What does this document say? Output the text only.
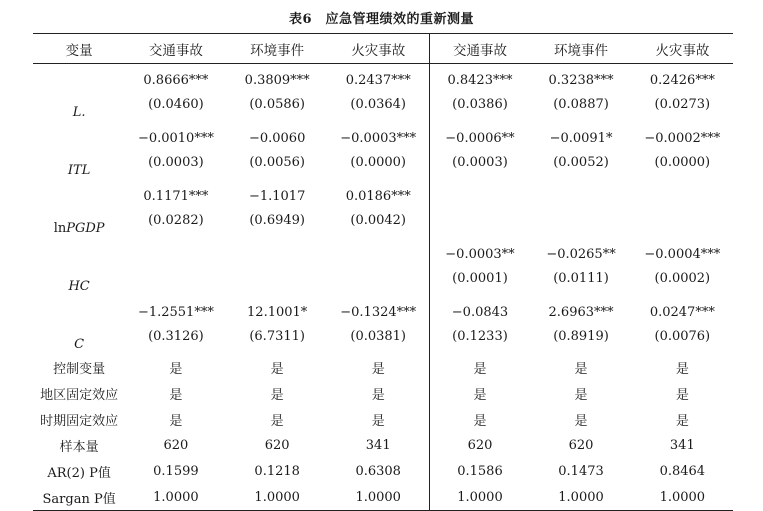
表6　应急管理绩效的重新测量
变量	交通事故	环境事件	火灾事故	交通事故	环境事件	火灾事故
L.	0.8666***	0.3809***	0.2437***	0.8423***	0.3238***	0.2426***
	(0.0460)	(0.0586)	(0.0364)	(0.0386)	(0.0887)	(0.0273)
ITL	−0.0010***	−0.0060	−0.0003***	−0.0006**	−0.0091*	−0.0002***
	(0.0003)	(0.0056)	(0.0000)	(0.0003)	(0.0052)	(0.0000)
lnPGDP	0.1171***	−1.1017	0.0186***			
	(0.0282)	(0.6949)	(0.0042)			
HC				−0.0003**	−0.0265**	−0.0004***
				(0.0001)	(0.0111)	(0.0002)
C	−1.2551***	12.1001*	−0.1324***	−0.0843	2.6963***	0.0247***
	(0.3126)	(6.7311)	(0.0381)	(0.1233)	(0.8919)	(0.0076)
控制变量	是	是	是	是	是	是
地区固定效应	是	是	是	是	是	是
时期固定效应	是	是	是	是	是	是
样本量	620	620	341	620	620	341
AR(2) P值	0.1599	0.1218	0.6308	0.1586	0.1473	0.8464
Sargan P值	1.0000	1.0000	1.0000	1.0000	1.0000	1.0000
